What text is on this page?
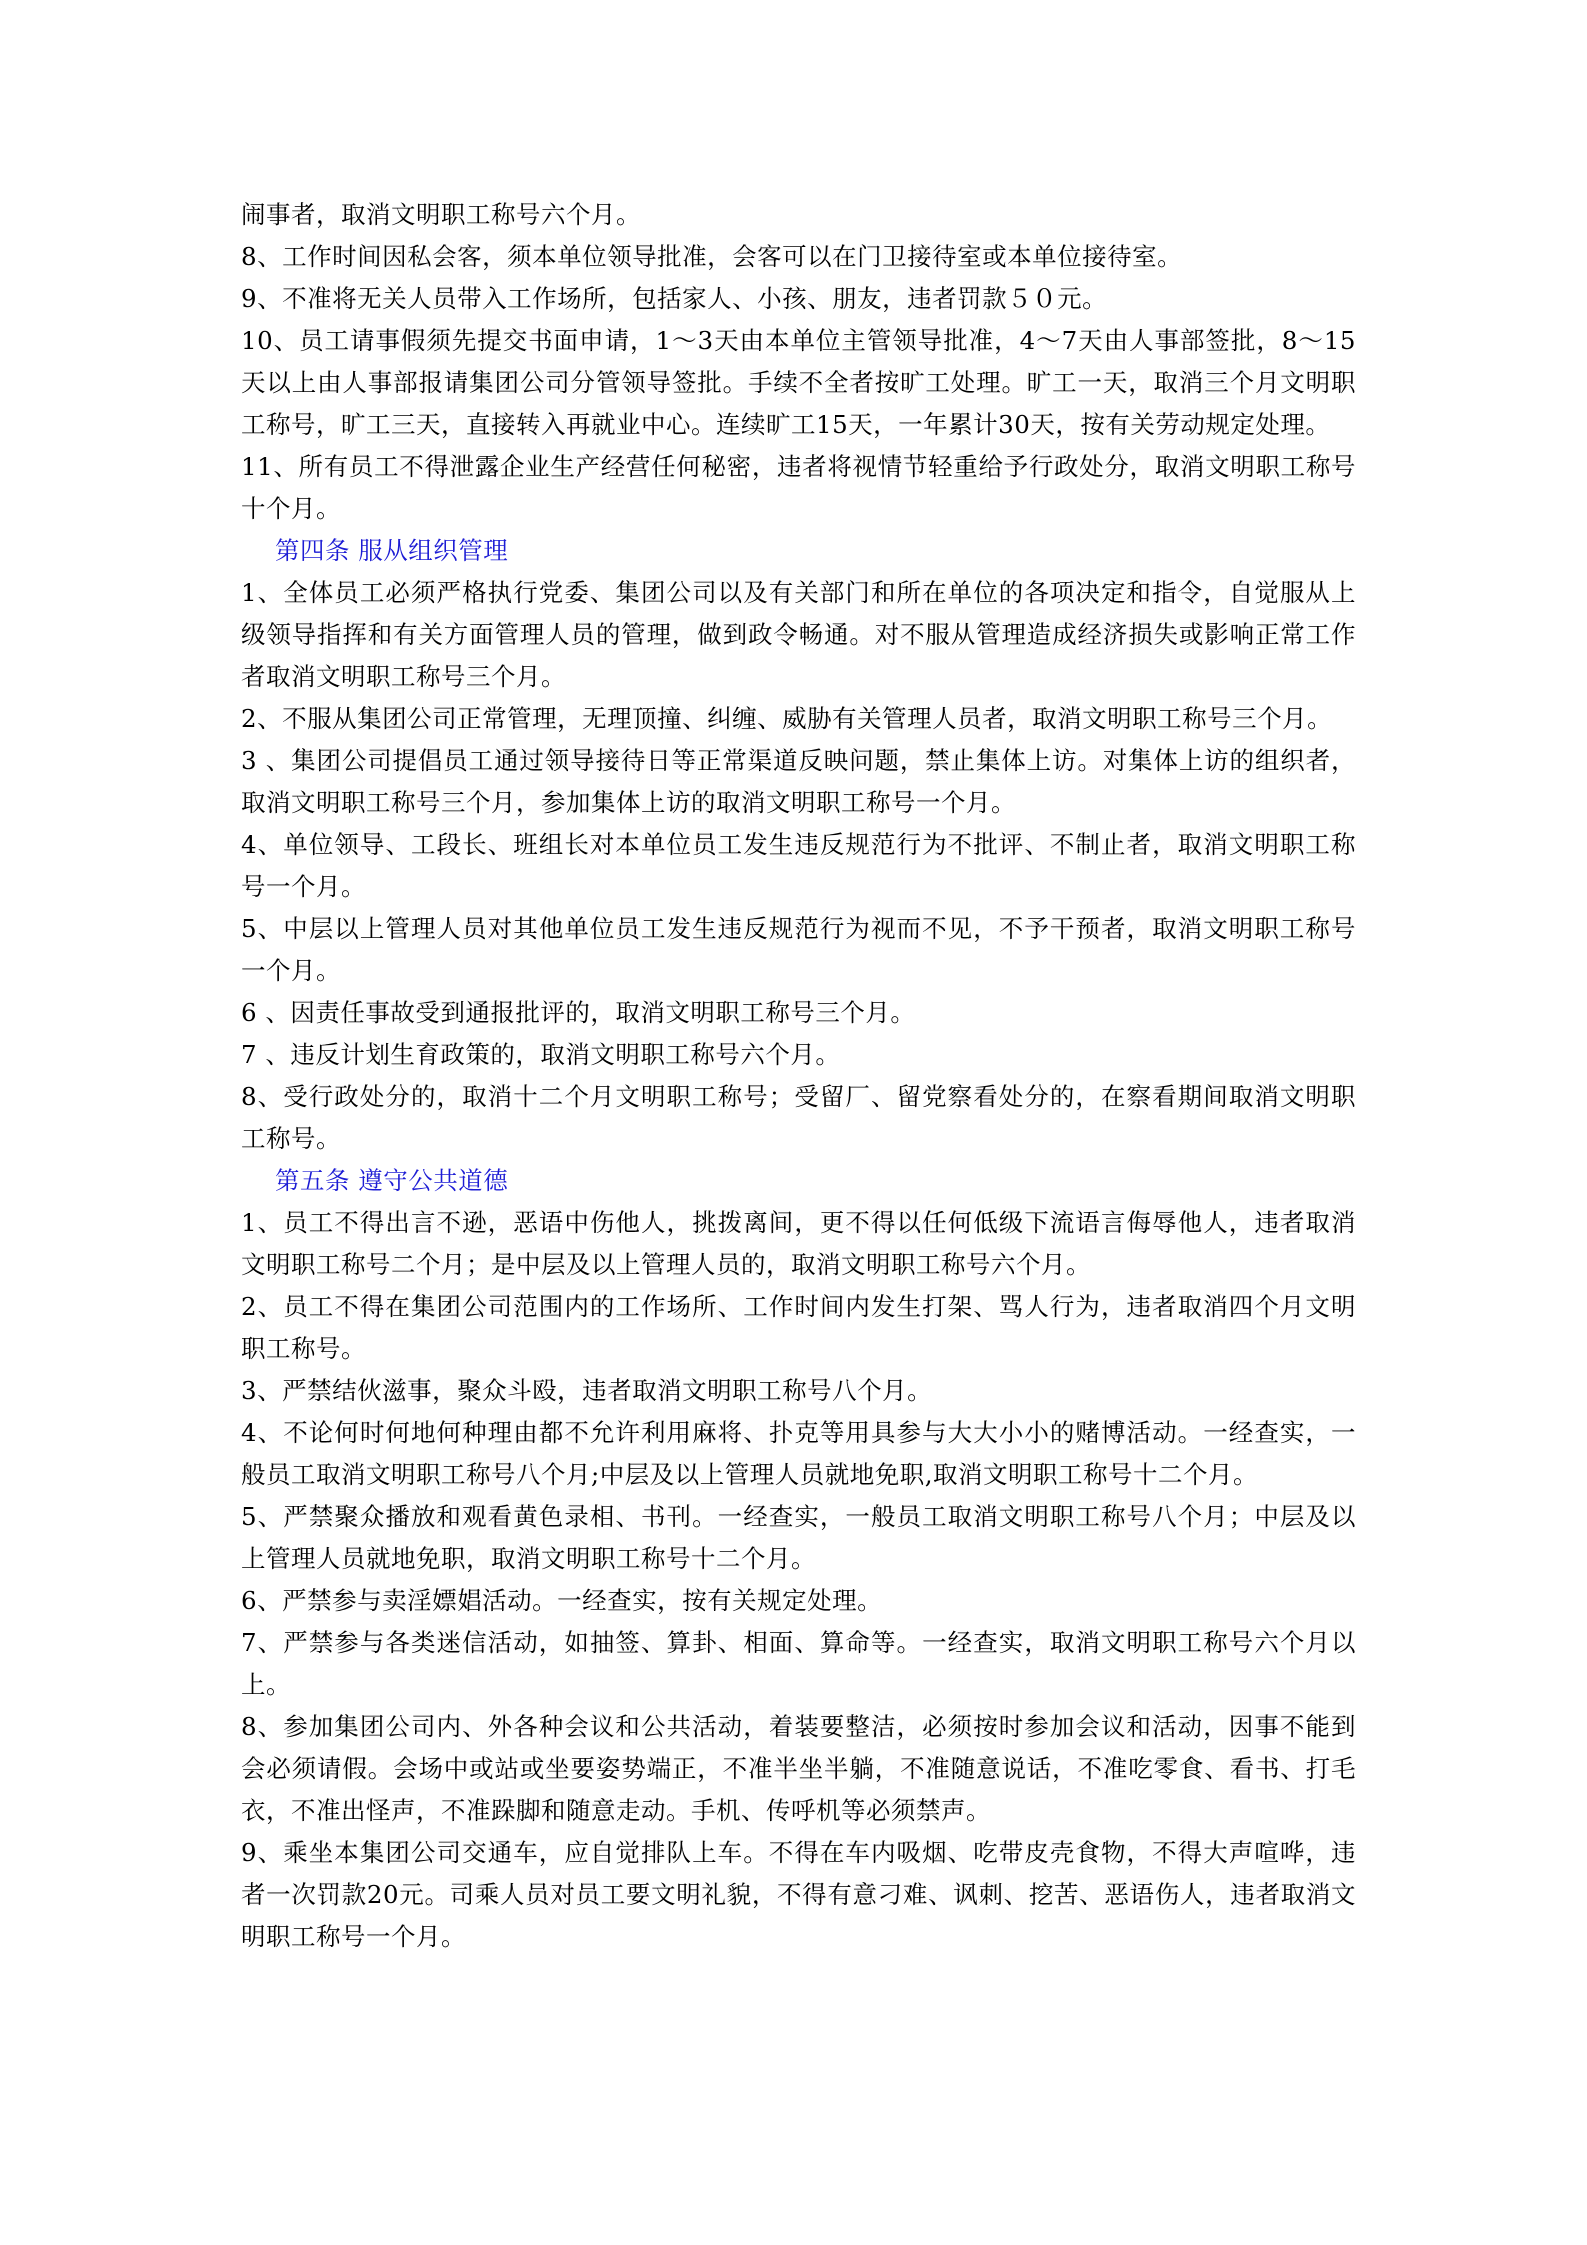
闹事者，取消文明职工称号六个月。

8、工作时间因私会客，须本单位领导批准，会客可以在门卫接待室或本单位接待室。

9、不准将无关人员带入工作场所，包括家人、小孩、朋友，违者罚款５０元。

10、员工请事假须先提交书面申请，1～3天由本单位主管领导批准，4～7天由人事部签批，8～15天以上由人事部报请集团公司分管领导签批。手续不全者按旷工处理。旷工一天，取消三个月文明职工称号，旷工三天，直接转入再就业中心。连续旷工15天，一年累计30天，按有关劳动规定处理。

11、所有员工不得泄露企业生产经营任何秘密，违者将视情节轻重给予行政处分，取消文明职工称号十个月。

第四条 服从组织管理

1、全体员工必须严格执行党委、集团公司以及有关部门和所在单位的各项决定和指令，自觉服从上级领导指挥和有关方面管理人员的管理，做到政令畅通。对不服从管理造成经济损失或影响正常工作者取消文明职工称号三个月。

2、不服从集团公司正常管理，无理顶撞、纠缠、威胁有关管理人员者，取消文明职工称号三个月。

3 、集团公司提倡员工通过领导接待日等正常渠道反映问题，禁止集体上访。对集体上访的组织者，取消文明职工称号三个月，参加集体上访的取消文明职工称号一个月。

4、单位领导、工段长、班组长对本单位员工发生违反规范行为不批评、不制止者，取消文明职工称号一个月。

5、中层以上管理人员对其他单位员工发生违反规范行为视而不见，不予干预者，取消文明职工称号一个月。

6 、因责任事故受到通报批评的，取消文明职工称号三个月。

7 、违反计划生育政策的，取消文明职工称号六个月。

8、受行政处分的，取消十二个月文明职工称号；受留厂、留党察看处分的，在察看期间取消文明职工称号。

第五条 遵守公共道德

1、员工不得出言不逊，恶语中伤他人，挑拨离间，更不得以任何低级下流语言侮辱他人，违者取消文明职工称号二个月；是中层及以上管理人员的，取消文明职工称号六个月。

2、员工不得在集团公司范围内的工作场所、工作时间内发生打架、骂人行为，违者取消四个月文明职工称号。

3、严禁结伙滋事，聚众斗殴，违者取消文明职工称号八个月。

4、不论何时何地何种理由都不允许利用麻将、扑克等用具参与大大小小的赌博活动。一经查实，一般员工取消文明职工称号八个月;中层及以上管理人员就地免职,取消文明职工称号十二个月。

5、严禁聚众播放和观看黄色录相、书刊。一经查实，一般员工取消文明职工称号八个月；中层及以上管理人员就地免职，取消文明职工称号十二个月。

6、严禁参与卖淫嫖娼活动。一经查实，按有关规定处理。

7、严禁参与各类迷信活动，如抽签、算卦、相面、算命等。一经查实，取消文明职工称号六个月以上。

8、参加集团公司内、外各种会议和公共活动，着装要整洁，必须按时参加会议和活动，因事不能到会必须请假。会场中或站或坐要姿势端正，不准半坐半躺，不准随意说话，不准吃零食、看书、打毛衣，不准出怪声，不准跺脚和随意走动。手机、传呼机等必须禁声。

9、乘坐本集团公司交通车，应自觉排队上车。不得在车内吸烟、吃带皮壳食物，不得大声喧哗，违者一次罚款20元。司乘人员对员工要文明礼貌，不得有意刁难、讽刺、挖苦、恶语伤人，违者取消文明职工称号一个月。
